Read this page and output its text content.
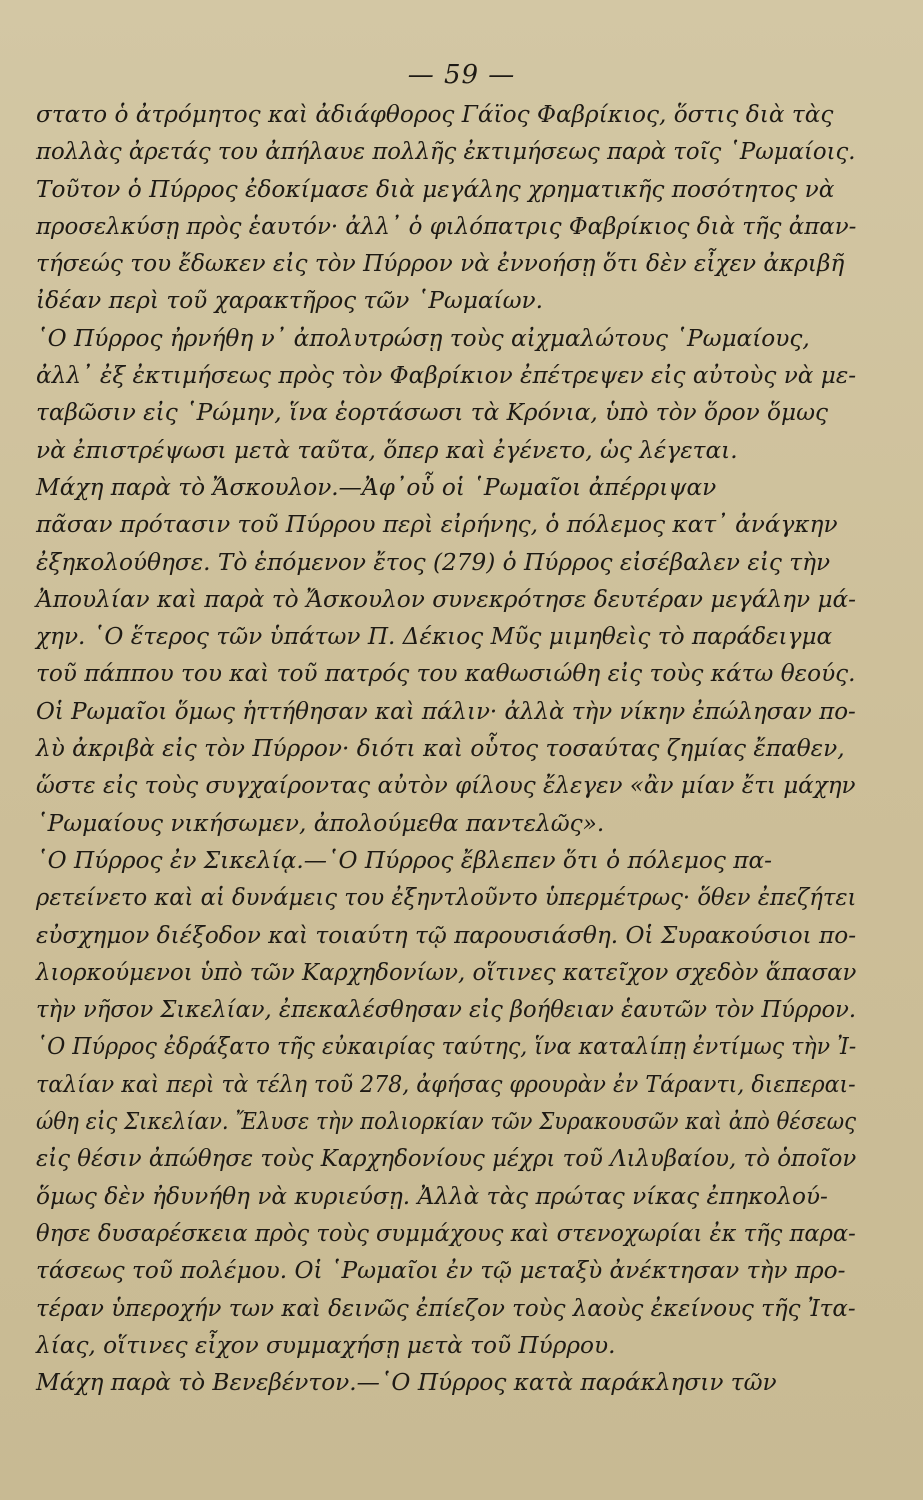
— 59 —
στατο ὁ ἀτρόμητος καὶ ἀδιάφθορος Γάϊος Φαβρίκιος, ὅστις διὰ τὰς
πολλὰς ἀρετάς του ἀπήλαυε πολλῆς ἐκτιμήσεως παρὰ τοῖς ῾Ρωμαίοις.
Τοῦτον ὁ Πύρρος ἐδοκίμασε διὰ μεγάλης χρηματικῆς ποσότητος νὰ
προσελκύσῃ πρὸς ἑαυτόν· ἀλλ᾽ ὁ φιλόπατρις Φαβρίκιος διὰ τῆς ἀπαν-
τήσεώς του ἔδωκεν εἰς τὸν Πύρρον νὰ ἐννοήσῃ ὅτι δὲν εἶχεν ἀκριβῆ
ἰδέαν περὶ τοῦ χαρακτῆρος τῶν ῾Ρωμαίων.
῾Ο Πύρρος ἠρνήθη ν᾽ ἀπολυτρώσῃ τοὺς αἰχμαλώτους ῾Ρωμαίους,
ἀλλ᾽ ἐξ ἐκτιμήσεως πρὸς τὸν Φαβρίκιον ἐπέτρεψεν εἰς αὐτοὺς νὰ με-
ταβῶσιν εἰς ῾Ρώμην, ἵνα ἑορτάσωσι τὰ Κρόνια, ὑπὸ τὸν ὅρον ὅμως
νὰ ἐπιστρέψωσι μετὰ ταῦτα, ὅπερ καὶ ἐγένετο, ὡς λέγεται.
Μάχη παρὰ τὸ Ἄσκουλον.—Ἀφ᾽οὗ οἱ ῾Ρωμαῖοι ἀπέρριψαν
πᾶσαν πρότασιν τοῦ Πύρρου περὶ εἰρήνης, ὁ πόλεμος κατ᾽ ἀνάγκην
ἐξηκολούθησε. Τὸ ἑπόμενον ἔτος (279) ὁ Πύρρος εἰσέβαλεν εἰς τὴν
Ἀπουλίαν καὶ παρὰ τὸ Ἄσκουλον συνεκρότησε δευτέραν μεγάλην μά-
χην. ῾Ο ἕτερος τῶν ὑπάτων Π. Δέκιος Μῦς μιμηθεὶς τὸ παράδειγμα
τοῦ πάππου του καὶ τοῦ πατρός του καθωσιώθη εἰς τοὺς κάτω θεούς.
Οἱ Ρωμαῖοι ὅμως ἡττήθησαν καὶ πάλιν· ἀλλὰ τὴν νίκην ἐπώλησαν πο-
λὺ ἀκριβὰ εἰς τὸν Πύρρον· διότι καὶ οὗτος τοσαύτας ζημίας ἔπαθεν,
ὥστε εἰς τοὺς συγχαίροντας αὐτὸν φίλους ἔλεγεν «ἂν μίαν ἔτι μάχην
῾Ρωμαίους νικήσωμεν, ἀπολούμεθα παντελῶς».
῾Ο Πύρρος ἐν Σικελίᾳ.—῾Ο Πύρρος ἔβλεπεν ὅτι ὁ πόλεμος πα-
ρετείνετο καὶ αἱ δυνάμεις του ἐξηντλοῦντο ὑπερμέτρως· ὅθεν ἐπεζήτει
εὐσχημον διέξοδον καὶ τοιαύτη τῷ παρουσιάσθη. Οἱ Συρακούσιοι πο-
λιορκούμενοι ὑπὸ τῶν Καρχηδονίων, οἵτινες κατεῖχον σχεδὸν ἅπασαν
τὴν νῆσον Σικελίαν, ἐπεκαλέσθησαν εἰς βοήθειαν ἑαυτῶν τὸν Πύρρον.
῾Ο Πύρρος ἐδράξατο τῆς εὐκαιρίας ταύτης, ἵνα καταλίπῃ ἐντίμως τὴν Ἰ-
ταλίαν καὶ περὶ τὰ τέλη τοῦ 278, ἀφήσας φρουρὰν ἐν Τάραντι, διεπεραι-
ώθη εἰς Σικελίαν. Ἔλυσε τὴν πολιορκίαν τῶν Συρακουσῶν καὶ ἀπὸ θέσεως
εἰς θέσιν ἀπώθησε τοὺς Καρχηδονίους μέχρι τοῦ Λιλυβαίου, τὸ ὁποῖον
ὅμως δὲν ἠδυνήθη νὰ κυριεύσῃ. Ἀλλὰ τὰς πρώτας νίκας ἐπηκολού-
θησε δυσαρέσκεια πρὸς τοὺς συμμάχους καὶ στενοχωρίαι ἐκ τῆς παρα-
τάσεως τοῦ πολέμου. Οἱ ῾Ρωμαῖοι ἐν τῷ μεταξὺ ἀνέκτησαν τὴν προ-
τέραν ὑπεροχήν των καὶ δεινῶς ἐπίεζον τοὺς λαοὺς ἐκείνους τῆς Ἰτα-
λίας, οἵτινες εἶχον συμμαχήσῃ μετὰ τοῦ Πύρρου.
Μάχη παρὰ τὸ Βενεβέντον.—῾Ο Πύρρος κατὰ παράκλησιν τῶν
